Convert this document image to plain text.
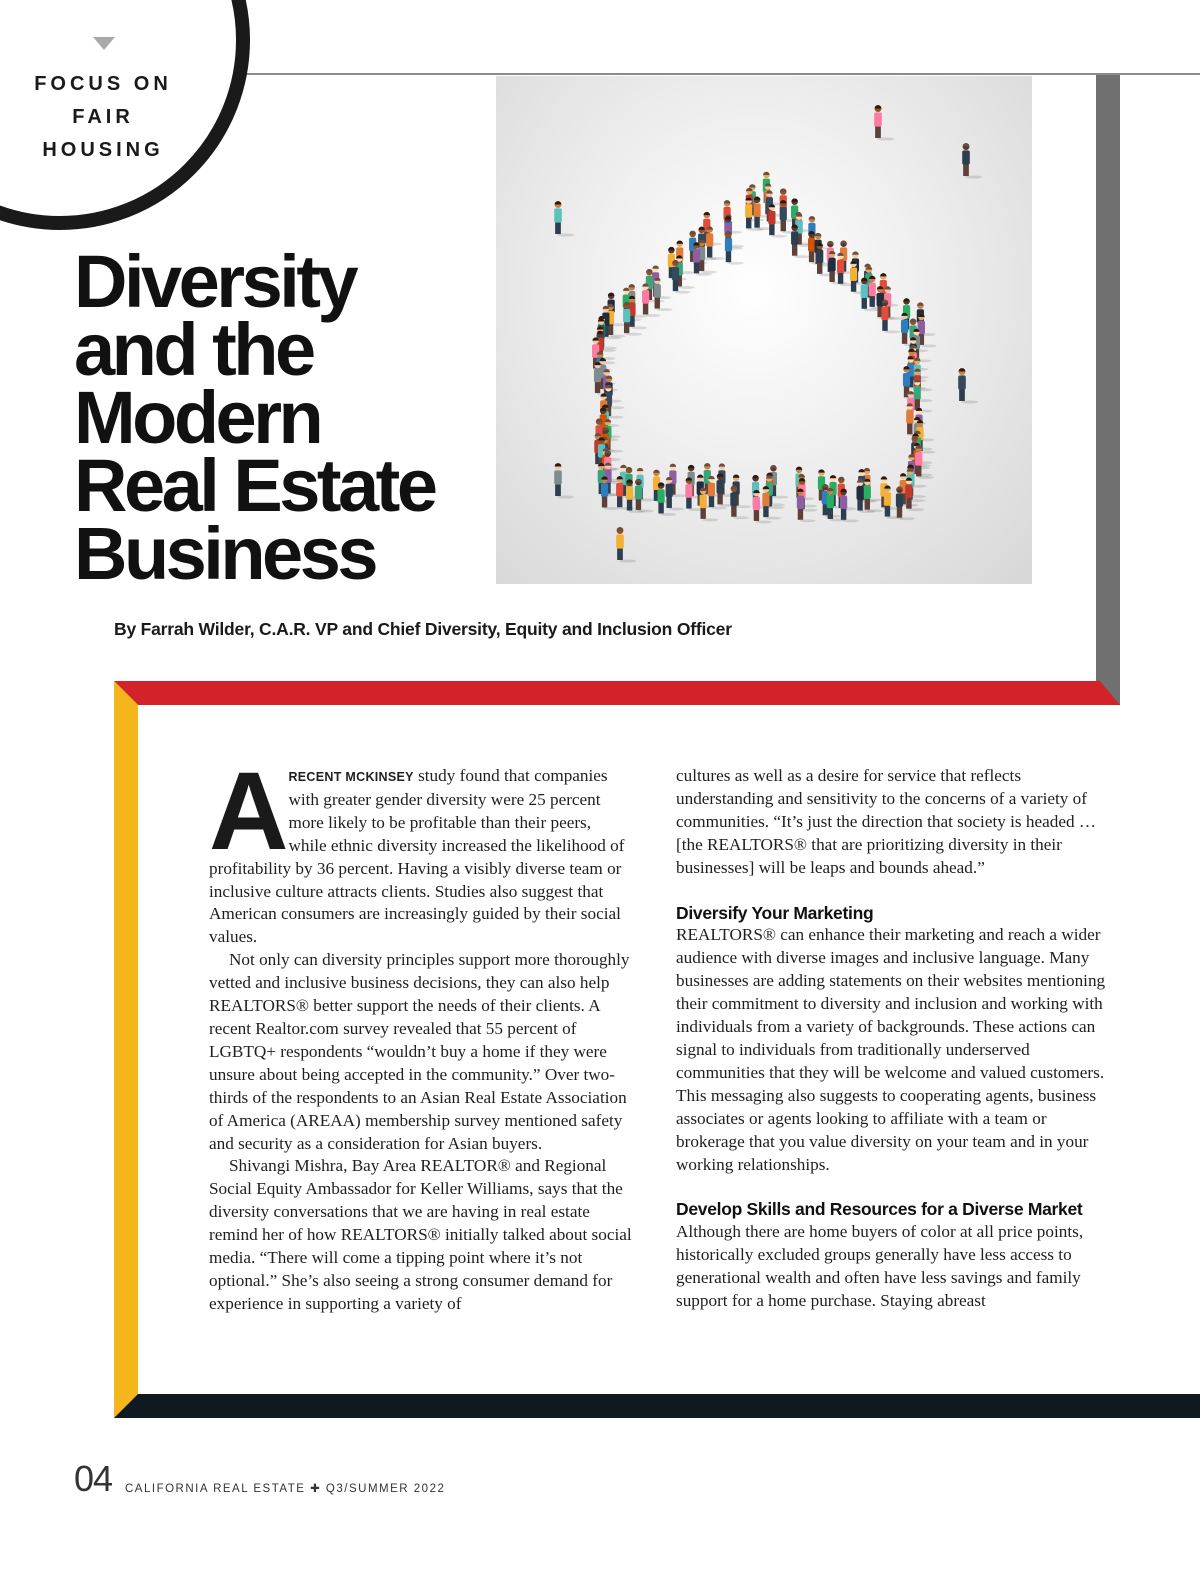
FOCUS ON
FAIR
HOUSING
Diversity
and the
Modern
Real Estate
Business
By Farrah Wilder, C.A.R. VP and Chief Diversity, Equity and Inclusion Officer

ARECENT MCKINSEY study found that companies with greater gender diversity were 25 percent more likely to be profitable than their peers, while ethnic diversity increased the likelihood of profitability by 36 percent. Having a visibly diverse team or inclusive culture attracts clients. Studies also suggest that American consumers are increasingly guided by their social values.

Not only can diversity principles support more thoroughly vetted and inclusive business decisions, they can also help REALTORS® better support the needs of their clients. A recent Realtor.com survey revealed that 55 percent of LGBTQ+ respondents “wouldn’t buy a home if they were unsure about being accepted in the community.” Over two-thirds of the respondents to an Asian Real Estate Association of America (AREAA) membership survey mentioned safety and security as a consideration for Asian buyers.

Shivangi Mishra, Bay Area REALTOR® and Regional Social Equity Ambassador for Keller Williams, says that the diversity conversations that we are having in real estate remind her of how REALTORS® initially talked about social media. “There will come a tipping point where it’s not optional.” She’s also seeing a strong consumer demand for experience in supporting a variety of

cultures as well as a desire for service that reflects understanding and sensitivity to the concerns of a variety of communities. “It’s just the direction that society is headed …[the REALTORS® that are prioritizing diversity in their businesses] will be leaps and bounds ahead.”

Diversify Your Marketing

REALTORS® can enhance their marketing and reach a wider audience with diverse images and inclusive language. Many businesses are adding statements on their websites mentioning their commitment to diversity and inclusion and working with individuals from a variety of backgrounds. These actions can signal to individuals from traditionally underserved communities that they will be welcome and valued customers. This messaging also suggests to cooperating agents, business associates or agents looking to affiliate with a team or brokerage that you value diversity on your team and in your working relationships.

Develop Skills and Resources for a Diverse Market

Although there are home buyers of color at all price points, historically excluded groups generally have less access to generational wealth and often have less savings and family support for a home purchase. Staying abreast

04 CALIFORNIA REAL ESTATE ✚ Q3/SUMMER 2022
